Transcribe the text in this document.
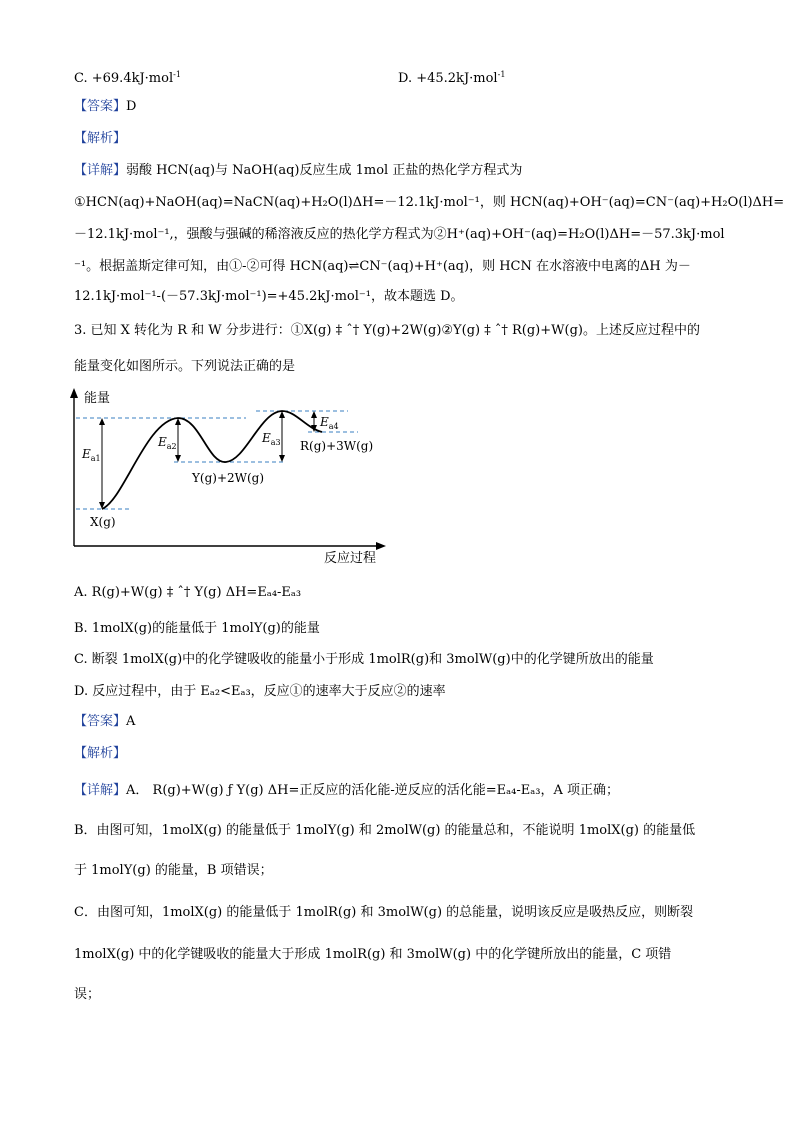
C. +69.4kJ·mol$^{-1}$	D. +45.2kJ·mol$^{-1}$
【答案】D
【解析】
【详解】弱酸 HCN(aq)与 NaOH(aq)反应生成 1mol 正盐的热化学方程式为
①HCN(aq)+NaOH(aq)=NaCN(aq)+H₂O(l)ΔH=－12.1kJ·mol⁻¹，则 HCN(aq)+OH⁻(aq)=CN⁻(aq)+H₂O(l)ΔH=
－12.1kJ·mol⁻¹,，强酸与强碱的稀溶液反应的热化学方程式为②H⁺(aq)+OH⁻(aq)=H₂O(l)ΔH=－57.3kJ·mol
⁻¹。根据盖斯定律可知，由①-②可得 HCN(aq)⇌CN⁻(aq)+H⁺(aq)，则 HCN 在水溶液中电离的ΔH 为－
12.1kJ·mol⁻¹-(－57.3kJ·mol⁻¹)=+45.2kJ·mol⁻¹，故本题选 D。
3. 已知 X 转化为 R 和 W 分步进行：①X(g) ‡ ˆ† Y(g)+2W(g)②Y(g) ‡ ˆ† R(g)+W(g)。上述反应过程中的
能量变化如图所示。下列说法正确的是
能量
反应过程
$E_{a1}$
$E_{a2}$
$E_{a3}$
$E_{a4}$
X(g)
Y(g)+2W(g)
R(g)+3W(g)
A. R(g)+W(g) ‡ ˆ† Y(g) ΔH=Eₐ₄-Eₐ₃
B. 1molX(g)的能量低于 1molY(g)的能量
C. 断裂 1molX(g)中的化学键吸收的能量小于形成 1molR(g)和 3molW(g)中的化学键所放出的能量
D. 反应过程中，由于 Eₐ₂<Eₐ₃，反应①的速率大于反应②的速率
【答案】A
【解析】
【详解】A． R(g)+W(g) ƒ Y(g) ΔH=正反应的活化能-逆反应的活化能=Eₐ₄-Eₐ₃，A 项正确；
B．由图可知，1molX(g) 的能量低于 1molY(g) 和 2molW(g) 的能量总和，不能说明 1molX(g) 的能量低
于 1molY(g) 的能量，B 项错误；
C．由图可知，1molX(g) 的能量低于 1molR(g) 和 3molW(g) 的总能量，说明该反应是吸热反应，则断裂
1molX(g) 中的化学键吸收的能量大于形成 1molR(g) 和 3molW(g) 中的化学键所放出的能量，C 项错
误；
